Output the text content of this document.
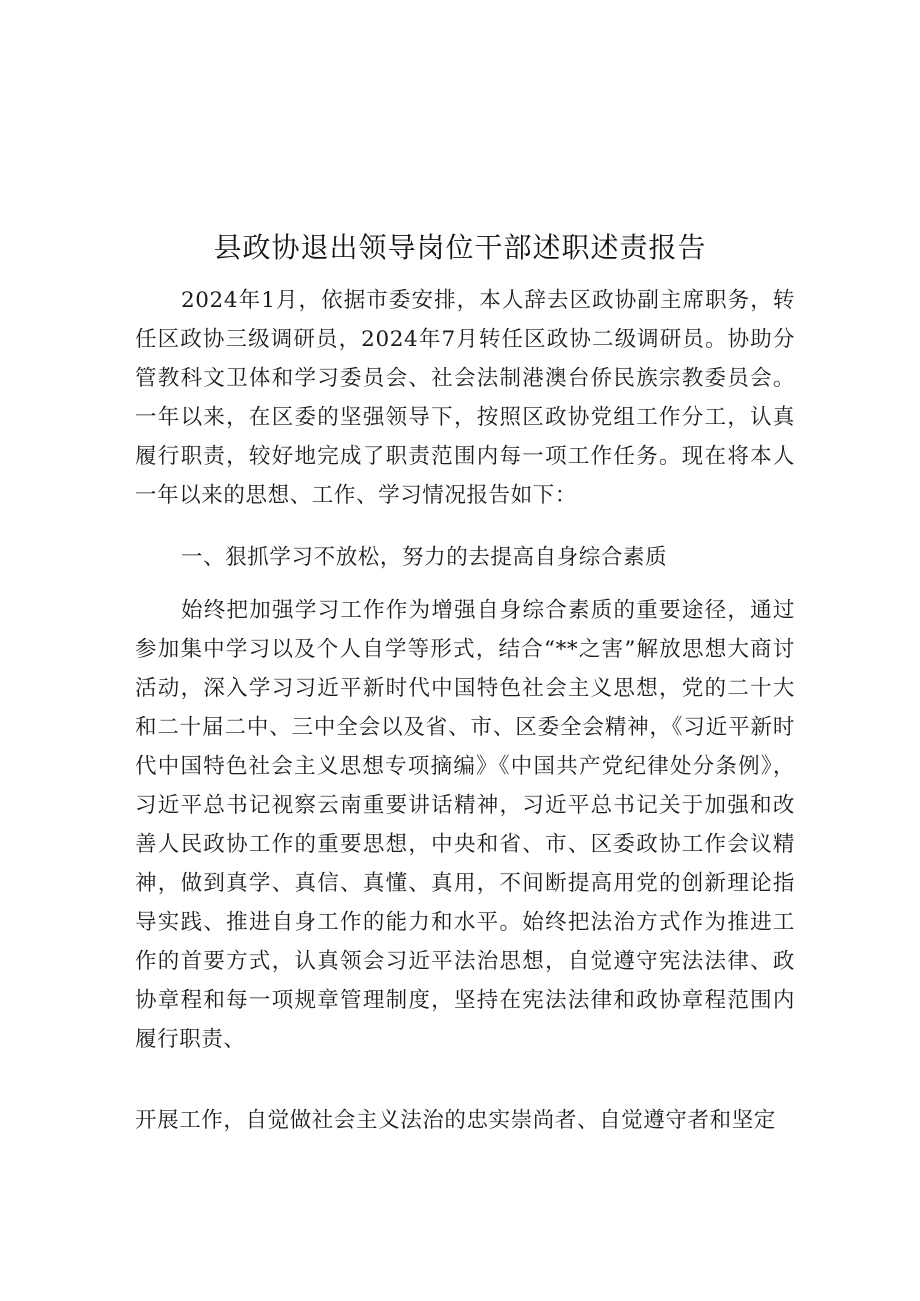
县政协退出领导岗位干部述职述责报告

2024年1月，依据市委安排，本人辞去区政协副主席职务，转任区政协三级调研员，2024年7月转任区政协二级调研员。协助分管教科文卫体和学习委员会、社会法制港澳台侨民族宗教委员会。一年以来，在区委的坚强领导下，按照区政协党组工作分工，认真履行职责，较好地完成了职责范围内每一项工作任务。现在将本人一年以来的思想、工作、学习情况报告如下：

一、狠抓学习不放松，努力的去提高自身综合素质

始终把加强学习工作作为增强自身综合素质的重要途径，通过参加集中学习以及个人自学等形式，结合“**之害”解放思想大商讨活动，深入学习习近平新时代中国特色社会主义思想，党的二十大和二十届二中、三中全会以及省、市、区委全会精神，《习近平新时代中国特色社会主义思想专项摘编》《中国共产党纪律处分条例》，习近平总书记视察云南重要讲话精神，习近平总书记关于加强和改善人民政协工作的重要思想，中央和省、市、区委政协工作会议精神，做到真学、真信、真懂、真用，不间断提高用党的创新理论指导实践、推进自身工作的能力和水平。始终把法治方式作为推进工作的首要方式，认真领会习近平法治思想，自觉遵守宪法法律、政协章程和每一项规章管理制度，坚持在宪法法律和政协章程范围内履行职责、

开展工作，自觉做社会主义法治的忠实崇尚者、自觉遵守者和坚定
